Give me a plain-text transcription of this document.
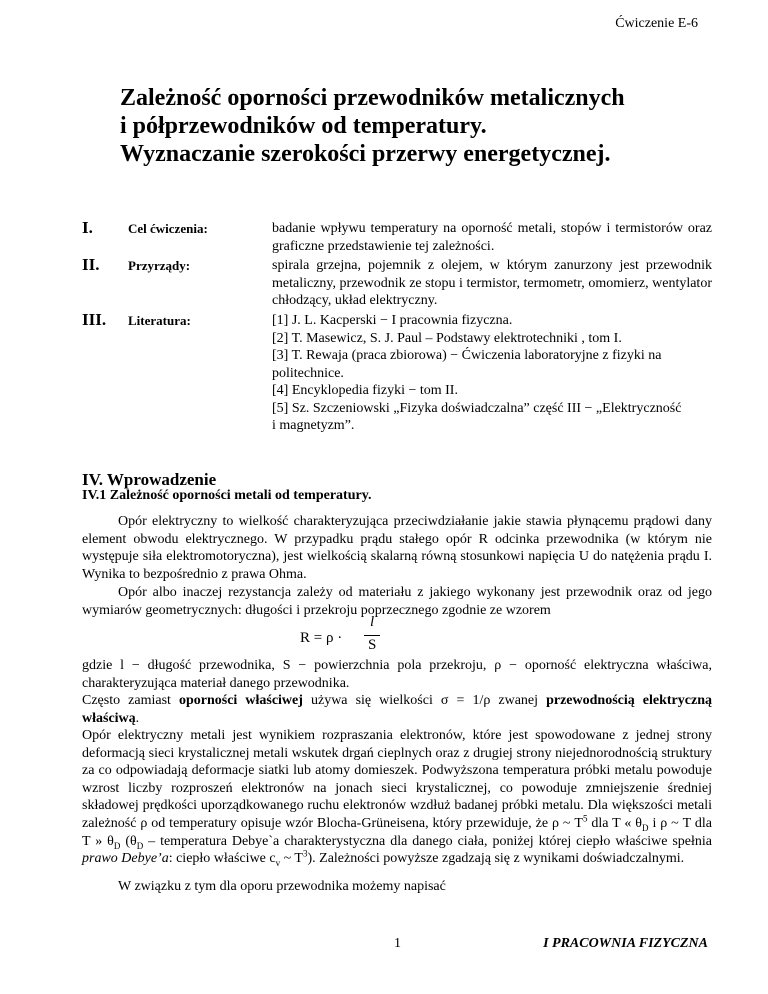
Ćwiczenie E-6
Zależność oporności przewodników metalicznych
i półprzewodników od temperatury.
Wyznaczanie szerokości przerwy energetycznej.
I.	Cel ćwiczenia:	badanie wpływu temperatury na oporność metali, stopów i termistorów oraz graficzne przedstawienie tej zależności.
II. Przyrządy:	spirala grzejna, pojemnik z olejem, w którym zanurzony jest przewodnik metaliczny, przewodnik ze stopu i termistor, termometr, omomierz, wentylator chłodzący, układ elektryczny.
III. Literatura:	[1] J. L. Kacperski − I pracownia fizyczna.
[2] T. Masewicz, S. J. Paul – Podstawy elektrotechniki , tom I.
[3] T. Rewaja (praca zbiorowa) − Ćwiczenia laboratoryjne z fizyki na
politechnice.
[4] Encyklopedia fizyki − tom II.
[5] Sz. Szczeniowski „Fizyka doświadczalna” część III − „Elektryczność
i magnetyzm”.
IV. Wprowadzenie
IV.1 Zależność oporności metali od temperatury.
Opór elektryczny to wielkość charakteryzująca przeciwdziałanie jakie stawia płynącemu prądowi dany element obwodu elektrycznego. W przypadku prądu stałego opór R odcinka przewodnika (w którym nie występuje siła elektromotoryczna), jest wielkością skalarną równą stosunkowi napięcia U do natężenia prądu I. Wynika to bezpośrednio z prawa Ohma.
Opór albo inaczej rezystancja zależy od materiału z jakiego wykonany jest przewodnik oraz od jego wymiarów geometrycznych: długości i przekroju poprzecznego zgodnie ze wzorem
R = ρ ·
l
S
gdzie l − długość przewodnika, S − powierzchnia pola przekroju, ρ − oporność elektryczna właściwa, charakteryzująca materiał danego przewodnika.
Często zamiast oporności właściwej używa się wielkości σ = 1/ρ zwanej przewodnością elektryczną właściwą.
Opór elektryczny metali jest wynikiem rozpraszania elektronów, które jest spowodowane z jednej strony deformacją sieci krystalicznej metali wskutek drgań cieplnych oraz z drugiej strony niejednorodnością struktury za co odpowiadają deformacje siatki lub atomy domieszek. Podwyższona temperatura próbki metalu powoduje wzrost liczby rozproszeń elektronów na jonach sieci krystalicznej, co powoduje zmniejszenie średniej składowej prędkości uporządkowanego ruchu elektronów wzdłuż badanej próbki metalu. Dla większości metali zależność ρ od temperatury opisuje wzór Blocha-Grüneisena, który przewiduje, że ρ ~ $T^5$ dla T « $\theta_D$ i ρ ~ T dla T » $\theta_D$ ($\theta_D$ – temperatura Debye`a charakterystyczna dla danego ciała, poniżej której ciepło właściwe spełnia prawo Debye’a: ciepło właściwe $c_v$ ~ $T^3$). Zależności powyższe zgadzają się z wynikami doświadczalnymi.
W związku z tym dla oporu przewodnika możemy napisać
1	I PRACOWNIA FIZYCZNA
